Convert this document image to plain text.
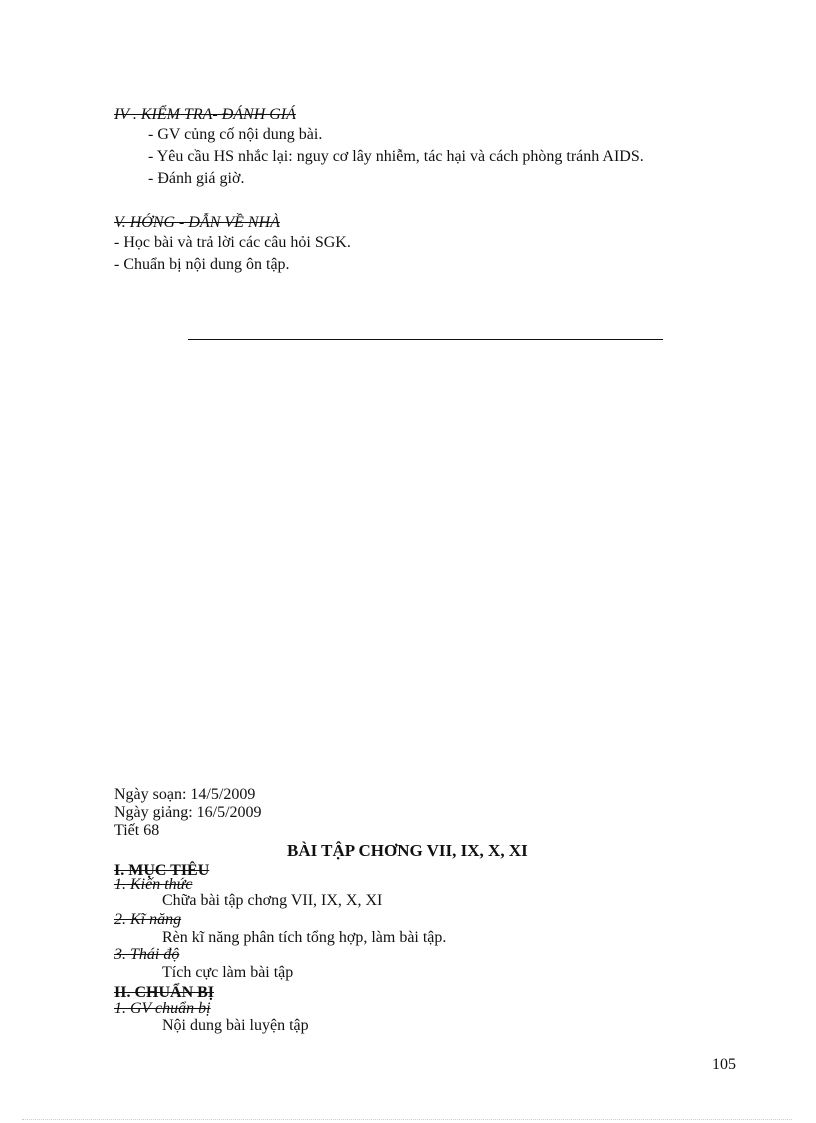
IV . KIỂM TRA- ĐÁNH GIÁ
- GV củng cố nội dung bài.
- Yêu cầu HS nhắc lại: nguy cơ lây nhiễm, tác hại và cách phòng tránh AIDS.
- Đánh giá giờ.
V. HỚNG - DẪN VỀ NHÀ
- Học bài và trả lời các câu hỏi SGK.
- Chuẩn bị nội dung ôn tập.
Ngày soạn: 14/5/2009
Ngày giảng: 16/5/2009
Tiết 68
BÀI TẬP CHƠNG VII, IX, X, XI
I. MỤC TIÊU
1. Kiến thức
Chữa bài tập chơng VII, IX, X, XI
2. Kĩ năng
Rèn kĩ năng phân tích tổng hợp, làm bài tập.
3. Thái độ
Tích cực làm bài tập
II. CHUẨN BỊ
1. GV chuẩn bị
Nội dung bài luyện tập
105
